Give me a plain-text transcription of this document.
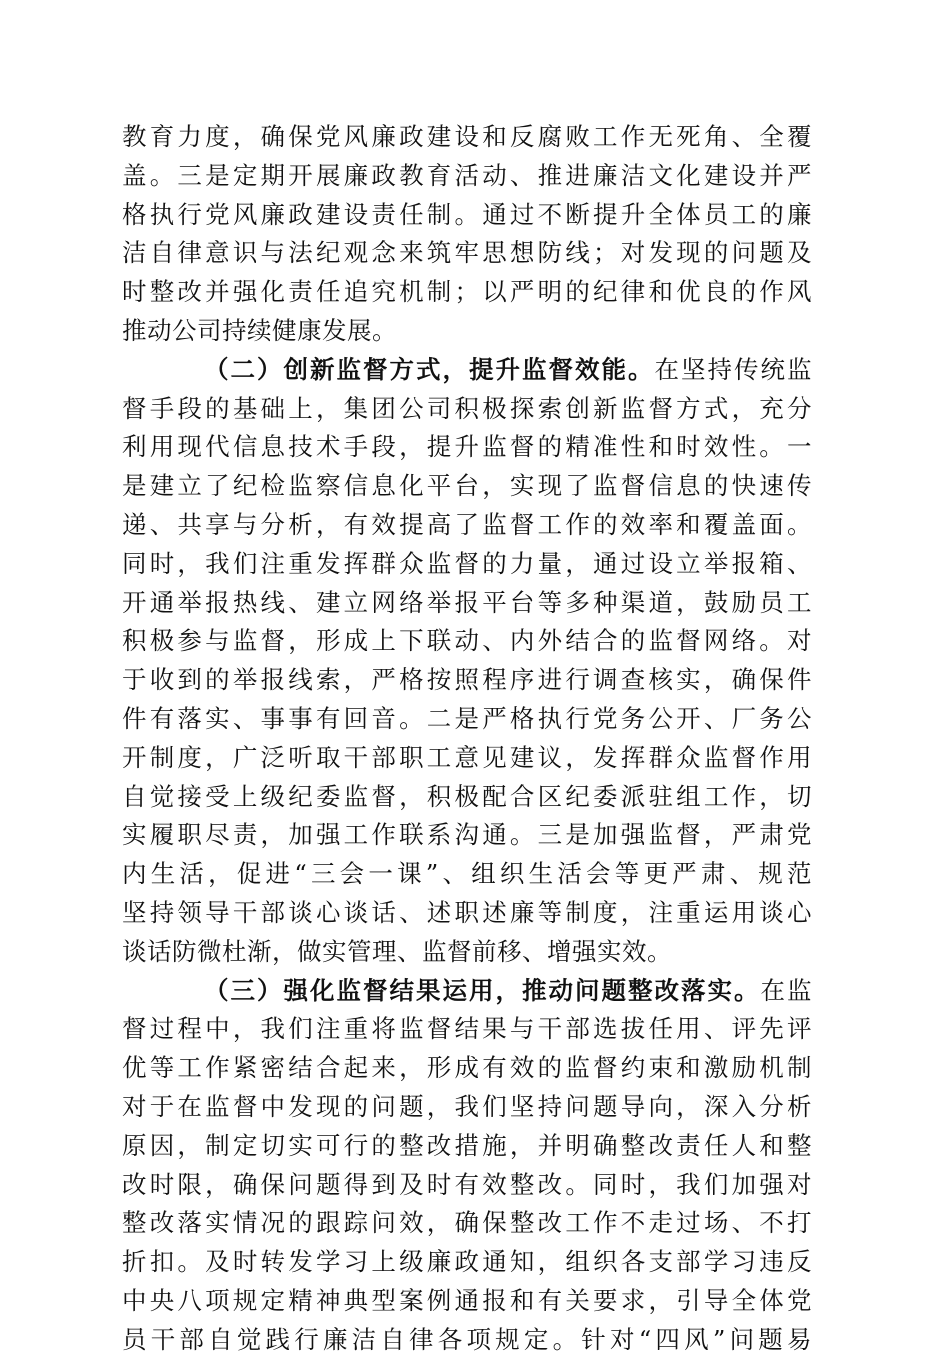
教育力度，确保党风廉政建设和反腐败工作无死角、全覆
盖。三是定期开展廉政教育活动、推进廉洁文化建设并严
格执行党风廉政建设责任制。通过不断提升全体员工的廉
洁自律意识与法纪观念来筑牢思想防线；对发现的问题及
时整改并强化责任追究机制；以严明的纪律和优良的作风
推动公司持续健康发展。
（二）创新监督方式，提升监督效能。在坚持传统监
督手段的基础上，集团公司积极探索创新监督方式，充分
利用现代信息技术手段，提升监督的精准性和时效性。一
是建立了纪检监察信息化平台，实现了监督信息的快速传
递、共享与分析，有效提高了监督工作的效率和覆盖面。
同时，我们注重发挥群众监督的力量，通过设立举报箱、
开通举报热线、建立网络举报平台等多种渠道，鼓励员工
积极参与监督，形成上下联动、内外结合的监督网络。对
于收到的举报线索，严格按照程序进行调查核实，确保件
件有落实、事事有回音。二是严格执行党务公开、厂务公
开制度，广泛听取干部职工意见建议，发挥群众监督作用
自觉接受上级纪委监督，积极配合区纪委派驻组工作，切
实履职尽责，加强工作联系沟通。三是加强监督，严肃党
内生活，促进“三会一课”、组织生活会等更严肃、规范
坚持领导干部谈心谈话、述职述廉等制度，注重运用谈心
谈话防微杜渐，做实管理、监督前移、增强实效。
（三）强化监督结果运用，推动问题整改落实。在监
督过程中，我们注重将监督结果与干部选拔任用、评先评
优等工作紧密结合起来，形成有效的监督约束和激励机制
对于在监督中发现的问题，我们坚持问题导向，深入分析
原因，制定切实可行的整改措施，并明确整改责任人和整
改时限，确保问题得到及时有效整改。同时，我们加强对
整改落实情况的跟踪问效，确保整改工作不走过场、不打
折扣。及时转发学习上级廉政通知，组织各支部学习违反
中央八项规定精神典型案例通报和有关要求，引导全体党
员干部自觉践行廉洁自律各项规定。针对“四风”问题易
